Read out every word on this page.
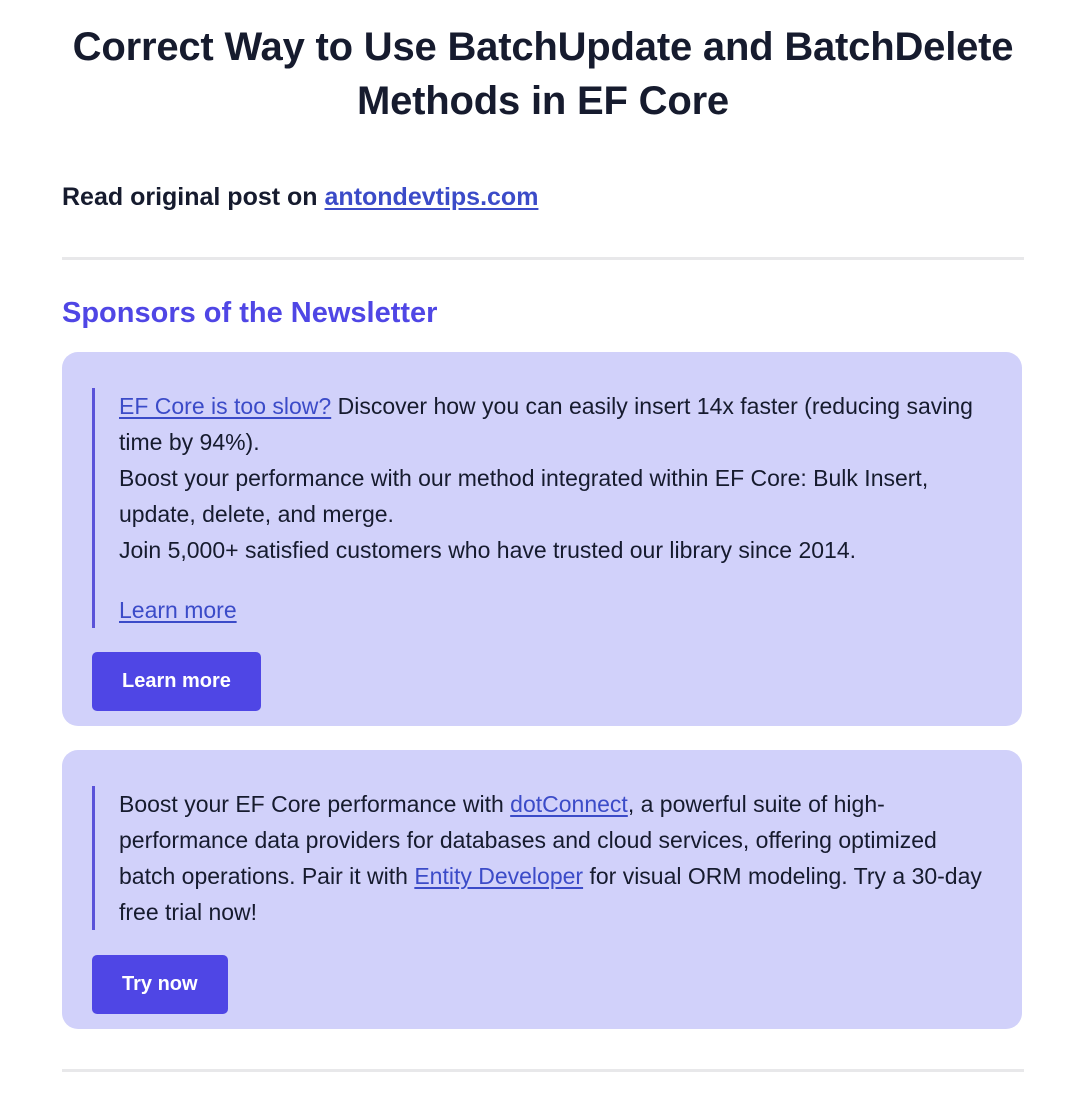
Correct Way to Use BatchUpdate and BatchDelete Methods in EF Core

Read original post on antondevtips.com

Sponsors of the Newsletter

EF Core is too slow? Discover how you can easily insert 14x faster (reducing saving time by 94%).

Boost your performance with our method integrated within EF Core: Bulk Insert, update, delete, and merge.

Join 5,000+ satisfied customers who have trusted our library since 2014.

Learn more

Learn more

Boost your EF Core performance with dotConnect, a powerful suite of high-performance data providers for databases and cloud services, offering optimized batch operations. Pair it with Entity Developer for visual ORM modeling. Try a 30-day free trial now!

Try now
